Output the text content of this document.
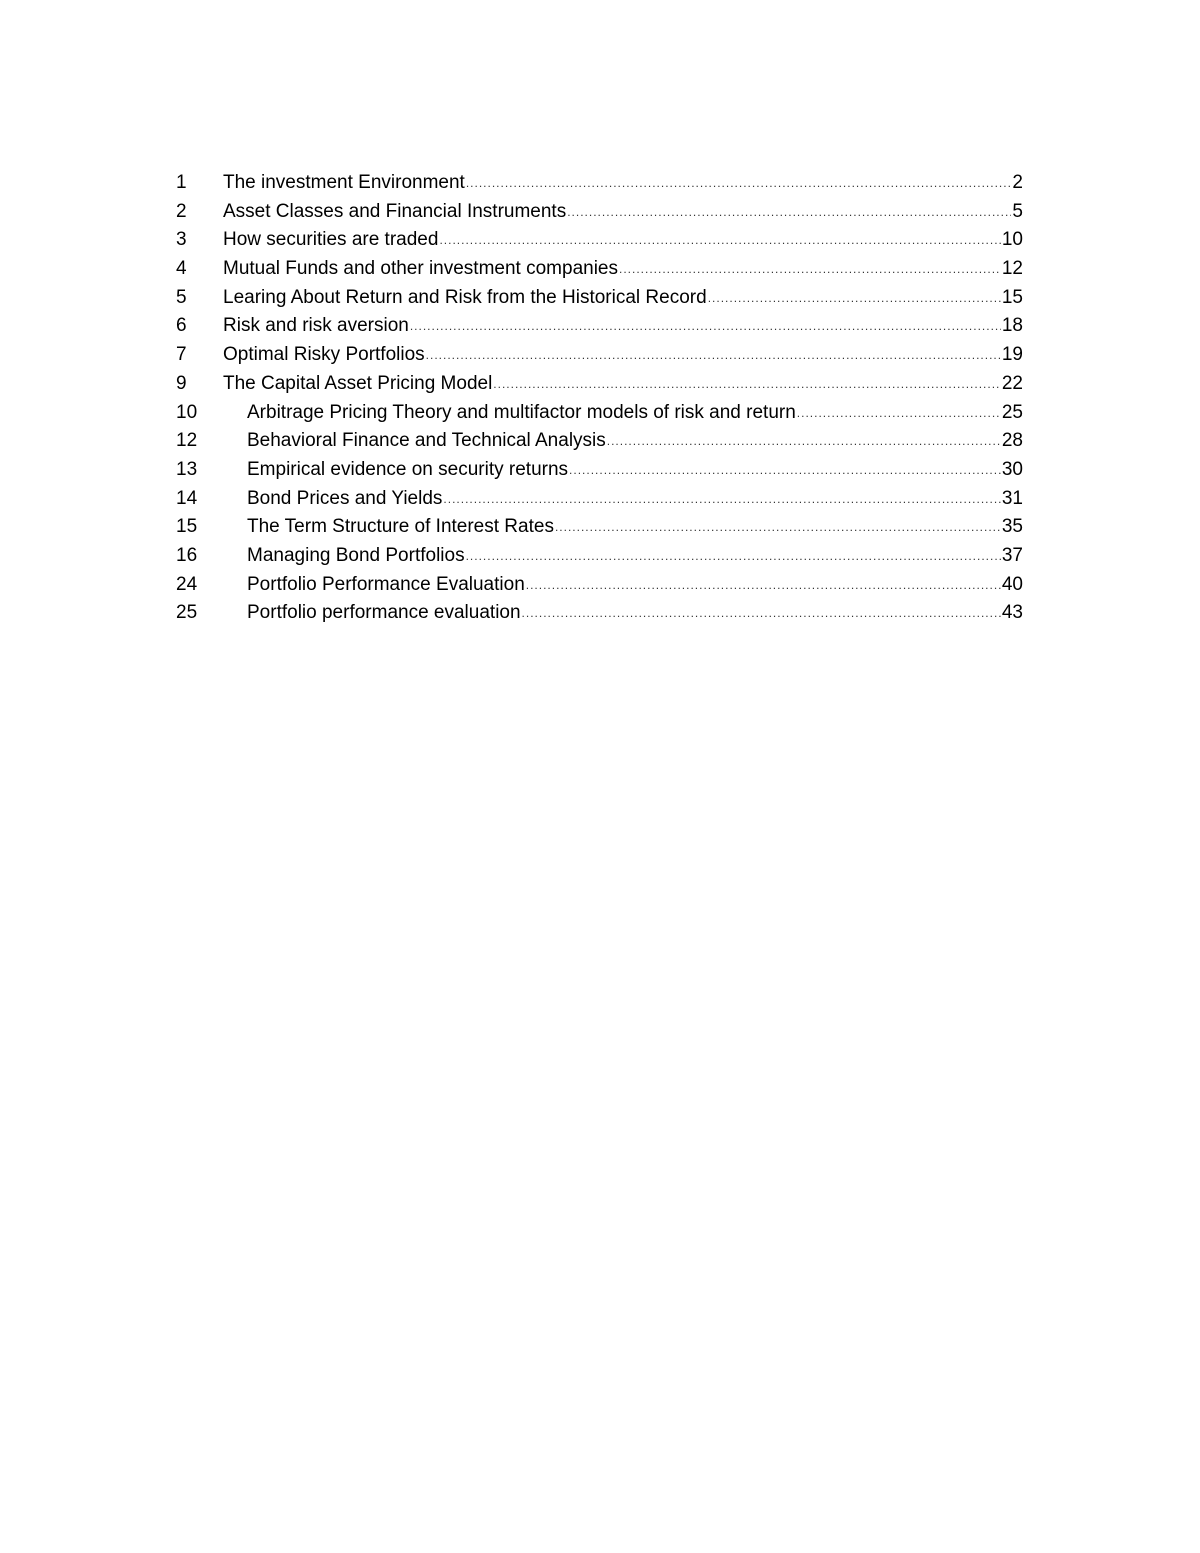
1	The investment Environment .....	2
2	Asset Classes and Financial Instruments .....	5
3	How securities are traded .....	10
4	Mutual Funds and other investment companies .....	12
5	Learing About Return and Risk from the Historical Record .....	15
6	Risk and risk aversion .....	18
7	Optimal Risky Portfolios .....	19
9	The Capital Asset Pricing Model .....	22
10	Arbitrage Pricing Theory and multifactor models of risk and return .....	25
12	Behavioral Finance and Technical Analysis .....	28
13	Empirical evidence on security returns .....	30
14	Bond Prices and Yields .....	31
15	The Term Structure of Interest Rates .....	35
16	Managing Bond Portfolios .....	37
24	Portfolio Performance Evaluation .....	40
25	Portfolio performance evaluation .....	43
